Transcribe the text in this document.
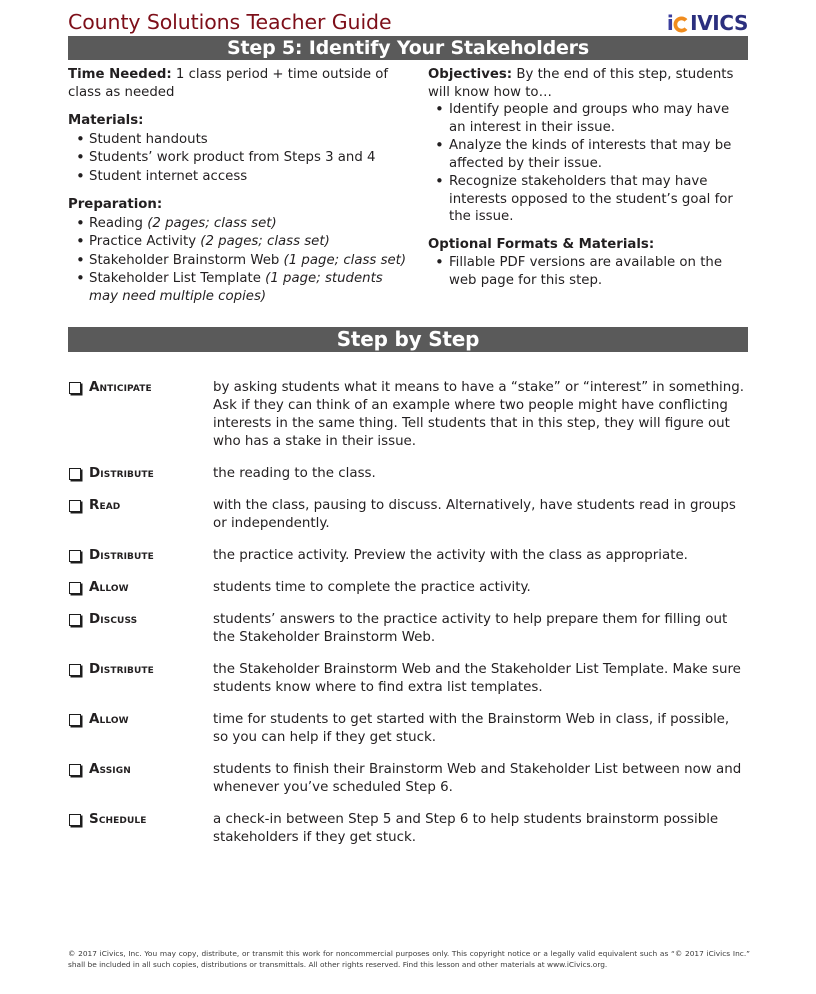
County Solutions Teacher Guide	i IVICS
Step 5: Identify Your Stakeholders
Time Needed: 1 class period + time outside of class as needed
Materials:
• Student handouts
• Students’ work product from Steps 3 and 4
• Student internet access
Preparation:
• Reading (2 pages; class set)
• Practice Activity (2 pages; class set)
• Stakeholder Brainstorm Web (1 page; class set)
• Stakeholder List Template (1 page; students may need multiple copies)
Objectives: By the end of this step, students will know how to…
• Identify people and groups who may have an interest in their issue.
• Analyze the kinds of interests that may be affected by their issue.
• Recognize stakeholders that may have interests opposed to the student’s goal for the issue.
Optional Formats & Materials:
• Fillable PDF versions are available on the web page for this step.
Step by Step
Anticipate	by asking students what it means to have a “stake” or “interest” in something. Ask if they can think of an example where two people might have conflicting interests in the same thing. Tell students that in this step, they will figure out who has a stake in their issue.
Distribute	the reading to the class.
Read	with the class, pausing to discuss. Alternatively, have students read in groups or independently.
Distribute	the practice activity. Preview the activity with the class as appropriate.
Allow	students time to complete the practice activity.
Discuss	students’ answers to the practice activity to help prepare them for filling out the Stakeholder Brainstorm Web.
Distribute	the Stakeholder Brainstorm Web and the Stakeholder List Template. Make sure students know where to find extra list templates.
Allow	time for students to get started with the Brainstorm Web in class, if possible, so you can help if they get stuck.
Assign	students to finish their Brainstorm Web and Stakeholder List between now and whenever you’ve scheduled Step 6.
Schedule	a check-in between Step 5 and Step 6 to help students brainstorm possible stakeholders if they get stuck.
© 2017 iCivics, Inc. You may copy, distribute, or transmit this work for noncommercial purposes only. This copyright notice or a legally valid equivalent such as “© 2017 iCivics Inc.” shall be included in all such copies, distributions or transmittals. All other rights reserved. Find this lesson and other materials at www.iCivics.org.
